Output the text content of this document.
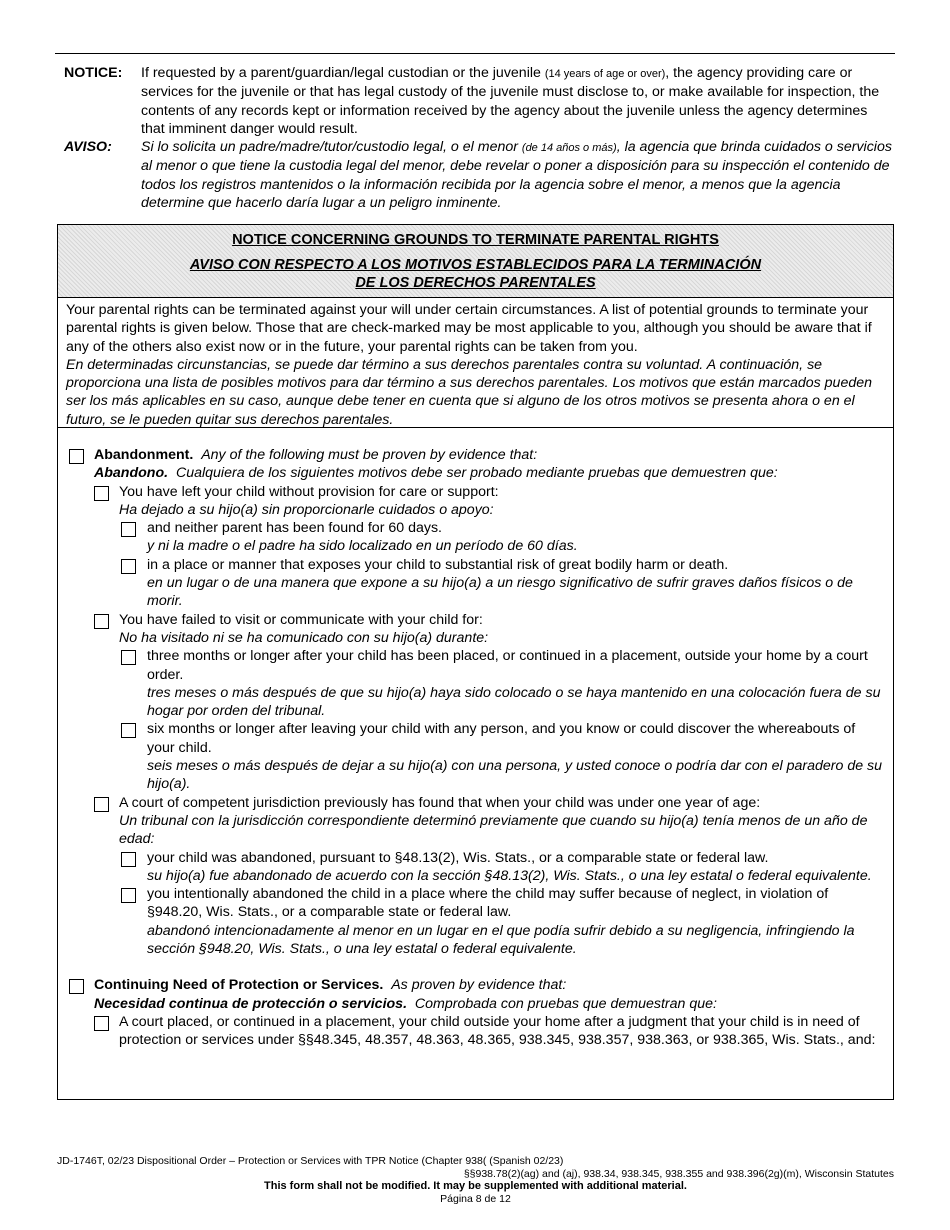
NOTICE:	If requested by a parent/guardian/legal custodian or the juvenile (14 years of age or over), the agency providing care or services for the juvenile or that has legal custody of the juvenile must disclose to, or make available for inspection, the contents of any records kept or information received by the agency about the juvenile unless the agency determines that imminent danger would result.
AVISO:	Si lo solicita un padre/madre/tutor/custodio legal, o el menor (de 14 años o más), la agencia que brinda cuidados o servicios al menor o que tiene la custodia legal del menor, debe revelar o poner a disposición para su inspección el contenido de todos los registros mantenidos o la información recibida por la agencia sobre el menor, a menos que la agencia determine que hacerlo daría lugar a un peligro inminente.
NOTICE CONCERNING GROUNDS TO TERMINATE PARENTAL RIGHTS
AVISO CON RESPECTO A LOS MOTIVOS ESTABLECIDOS PARA LA TERMINACIÓN
DE LOS DERECHOS PARENTALES
Your parental rights can be terminated against your will under certain circumstances. A list of potential grounds to terminate your parental rights is given below. Those that are check-marked may be most applicable to you, although you should be aware that if any of the others also exist now or in the future, your parental rights can be taken from you.
En determinadas circunstancias, se puede dar término a sus derechos parentales contra su voluntad. A continuación, se proporciona una lista de posibles motivos para dar término a sus derechos parentales. Los motivos que están marcados pueden ser los más aplicables en su caso, aunque debe tener en cuenta que si alguno de los otros motivos se presenta ahora o en el futuro, se le pueden quitar sus derechos parentales.
Abandonment. Any of the following must be proven by evidence that:
Abandono. Cualquiera de los siguientes motivos debe ser probado mediante pruebas que demuestren que:
You have left your child without provision for care or support:
Ha dejado a su hijo(a) sin proporcionarle cuidados o apoyo:
and neither parent has been found for 60 days.
y ni la madre o el padre ha sido localizado en un período de 60 días.
in a place or manner that exposes your child to substantial risk of great bodily harm or death.
en un lugar o de una manera que expone a su hijo(a) a un riesgo significativo de sufrir graves daños físicos o de morir.
You have failed to visit or communicate with your child for:
No ha visitado ni se ha comunicado con su hijo(a) durante:
three months or longer after your child has been placed, or continued in a placement, outside your home by a court order.
tres meses o más después de que su hijo(a) haya sido colocado o se haya mantenido en una colocación fuera de su hogar por orden del tribunal.
six months or longer after leaving your child with any person, and you know or could discover the whereabouts of your child.
seis meses o más después de dejar a su hijo(a) con una persona, y usted conoce o podría dar con el paradero de su hijo(a).
A court of competent jurisdiction previously has found that when your child was under one year of age:
Un tribunal con la jurisdicción correspondiente determinó previamente que cuando su hijo(a) tenía menos de un año de edad:
your child was abandoned, pursuant to §48.13(2), Wis. Stats., or a comparable state or federal law.
su hijo(a) fue abandonado de acuerdo con la sección §48.13(2), Wis. Stats., o una ley estatal o federal equivalente.
you intentionally abandoned the child in a place where the child may suffer because of neglect, in violation of §948.20, Wis. Stats., or a comparable state or federal law.
abandonó intencionadamente al menor en un lugar en el que podía sufrir debido a su negligencia, infringiendo la sección §948.20, Wis. Stats., o una ley estatal o federal equivalente.
Continuing Need of Protection or Services. As proven by evidence that:
Necesidad continua de protección o servicios. Comprobada con pruebas que demuestran que:
A court placed, or continued in a placement, your child outside your home after a judgment that your child is in need of protection or services under §§48.345, 48.357, 48.363, 48.365, 938.345, 938.357, 938.363, or 938.365, Wis. Stats., and:
JD-1746T, 02/23 Dispositional Order – Protection or Services with TPR Notice (Chapter 938( (Spanish 02/23)
§§938.78(2)(ag) and (aj), 938.34, 938.345, 938.355 and 938.396(2g)(m), Wisconsin Statutes
This form shall not be modified. It may be supplemented with additional material.
Página 8 de 12
